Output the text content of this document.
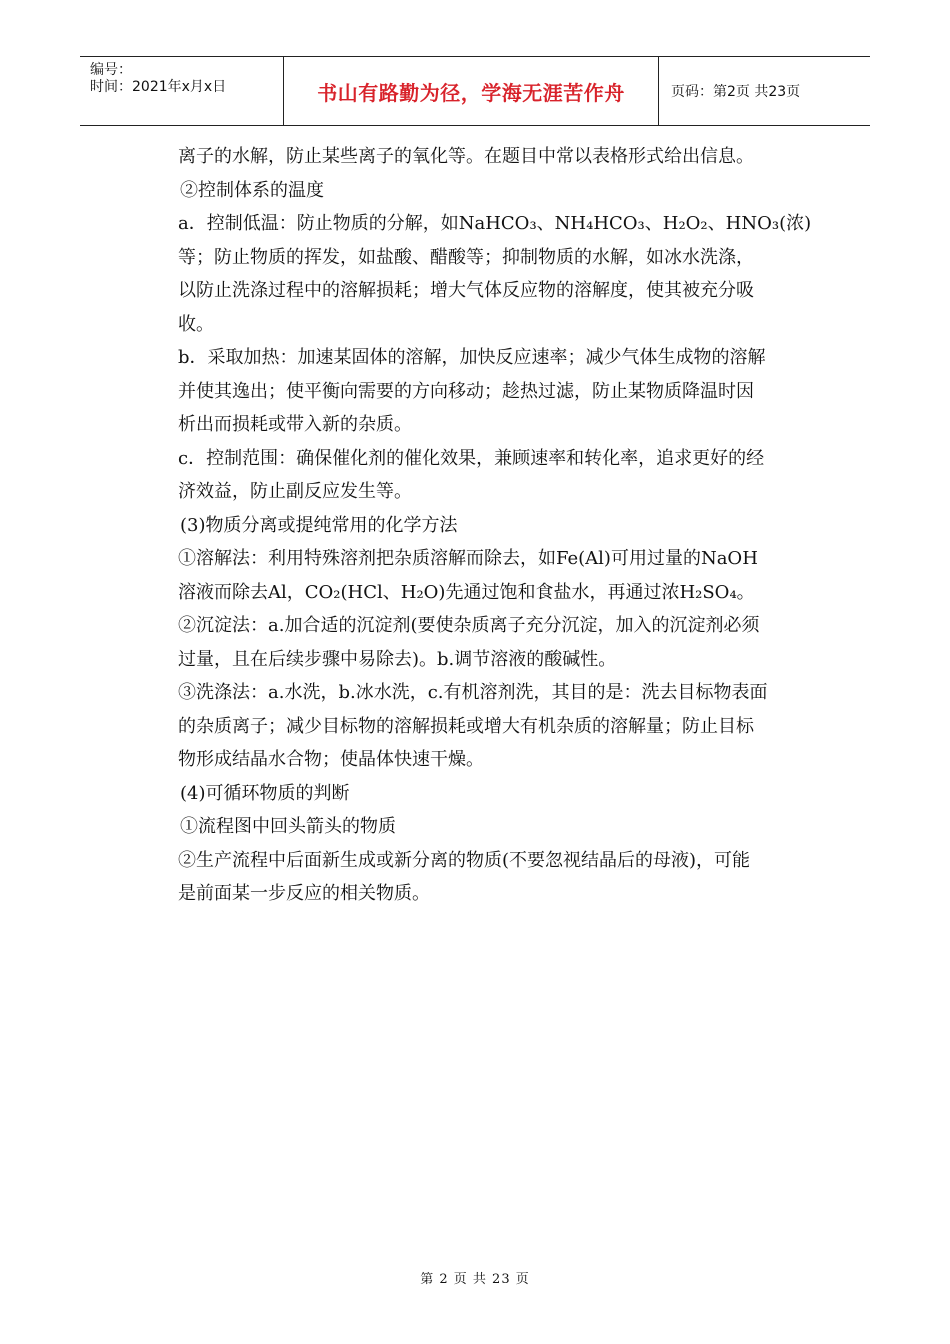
编号：
时间：2021年x月x日	书山有路勤为径，学海无涯苦作舟	页码：第2页 共23页

离子的水解，防止某些离子的氧化等。在题目中常以表格形式给出信息。

②控制体系的温度

a．控制低温：防止物质的分解，如NaHCO₃、NH₄HCO₃、H₂O₂、HNO₃(浓)

等；防止物质的挥发，如盐酸、醋酸等；抑制物质的水解，如冰水洗涤，

以防止洗涤过程中的溶解损耗；增大气体反应物的溶解度，使其被充分吸

收。

b．采取加热：加速某固体的溶解，加快反应速率；减少气体生成物的溶解

并使其逸出；使平衡向需要的方向移动；趁热过滤，防止某物质降温时因

析出而损耗或带入新的杂质。

c．控制范围：确保催化剂的催化效果，兼顾速率和转化率，追求更好的经

济效益，防止副反应发生等。

(3)物质分离或提纯常用的化学方法

①溶解法：利用特殊溶剂把杂质溶解而除去，如Fe(Al)可用过量的NaOH

溶液而除去Al，CO₂(HCl、H₂O)先通过饱和食盐水，再通过浓H₂SO₄。

②沉淀法：a.加合适的沉淀剂(要使杂质离子充分沉淀，加入的沉淀剂必须

过量，且在后续步骤中易除去)。b.调节溶液的酸碱性。

③洗涤法：a.水洗，b.冰水洗，c.有机溶剂洗，其目的是：洗去目标物表面

的杂质离子；减少目标物的溶解损耗或增大有机杂质的溶解量；防止目标

物形成结晶水合物；使晶体快速干燥。

(4)可循环物质的判断

①流程图中回头箭头的物质

②生产流程中后面新生成或新分离的物质(不要忽视结晶后的母液)，可能

是前面某一步反应的相关物质。

第 2 页 共 23 页
